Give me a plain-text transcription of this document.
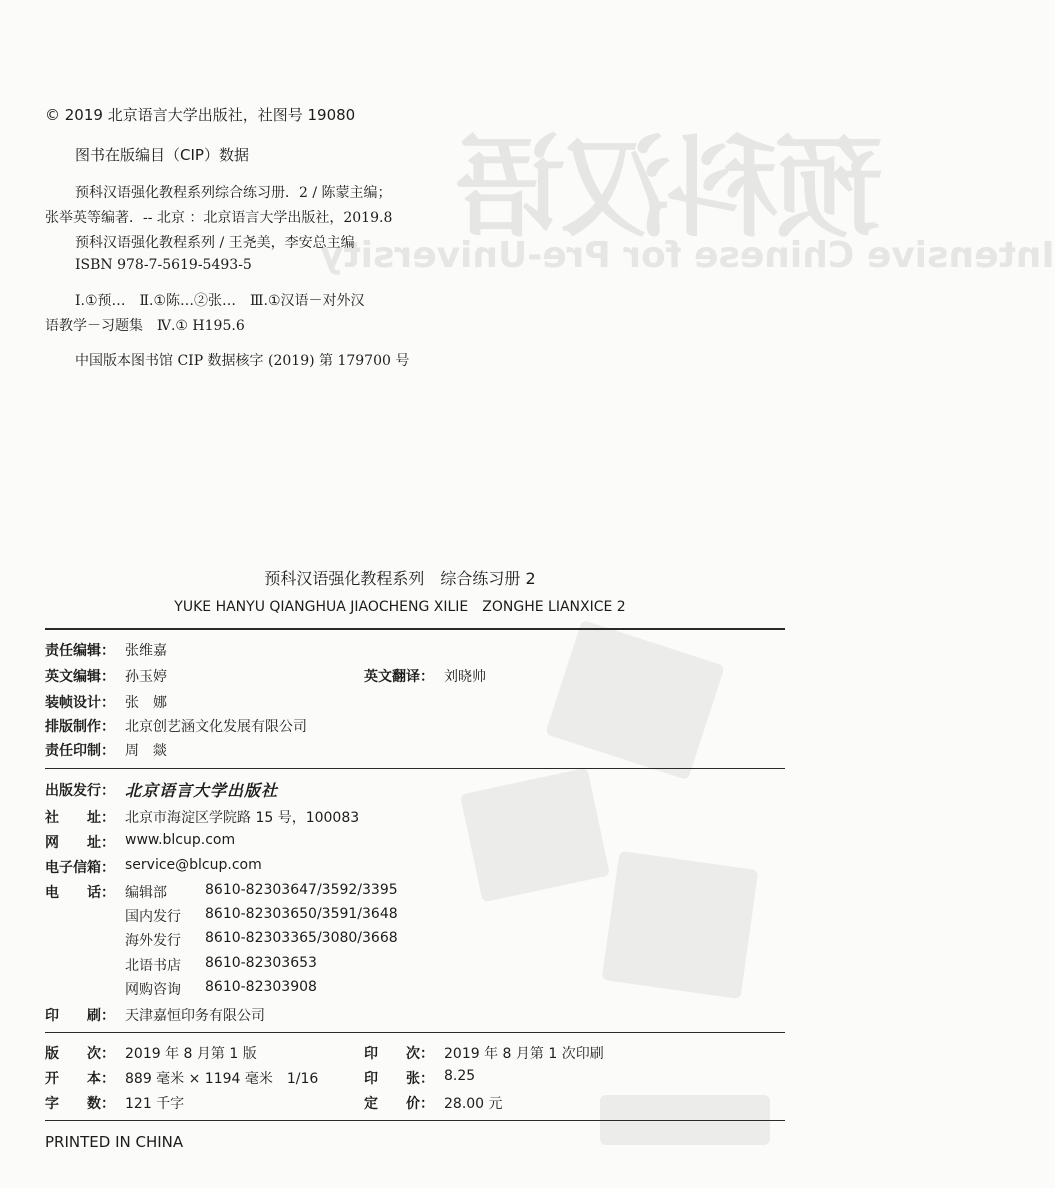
预科汉语
Intensive Chinese for Pre-University
© 2019 北京语言大学出版社，社图号 19080
图书在版编目（CIP）数据
预科汉语强化教程系列综合练习册．2 / 陈蒙主编；
张举英等编著．-- 北京 ：北京语言大学出版社，2019.8
预科汉语强化教程系列 / 王尧美，李安总主编
ISBN 978-7-5619-5493-5
Ⅰ.①预…　Ⅱ.①陈…②张…　Ⅲ.①汉语－对外汉
语教学－习题集　Ⅳ.① H195.6
中国版本图书馆 CIP 数据核字 (2019) 第 179700 号
预科汉语强化教程系列　综合练习册 2
YUKE HANYU QIANGHUA JIAOCHENG XILIE　ZONGHE LIANXICE 2
责任编辑： 张维嘉
英文编辑： 孙玉婷	英文翻译： 刘晓帅
装帧设计： 张　娜
排版制作： 北京创艺涵文化发展有限公司
责任印制： 周　燚
出版发行： 北京语言大学出版社
社　　址： 北京市海淀区学院路 15 号，100083
网　　址： www.blcup.com
电子信箱： service@blcup.com
电　　话： 编辑部	8610-82303647/3592/3395
国内发行 8610-82303650/3591/3648
海外发行 8610-82303365/3080/3668
北语书店 8610-82303653
网购咨询 8610-82303908
印　　刷： 天津嘉恒印务有限公司
版　　次： 2019 年 8 月第 1 版	印　　次： 2019 年 8 月第 1 次印刷
开　　本： 889 毫米 × 1194 毫米　1/16	印　　张： 8.25
字　　数： 121 千字	定　　价： 28.00 元
PRINTED IN CHINA
